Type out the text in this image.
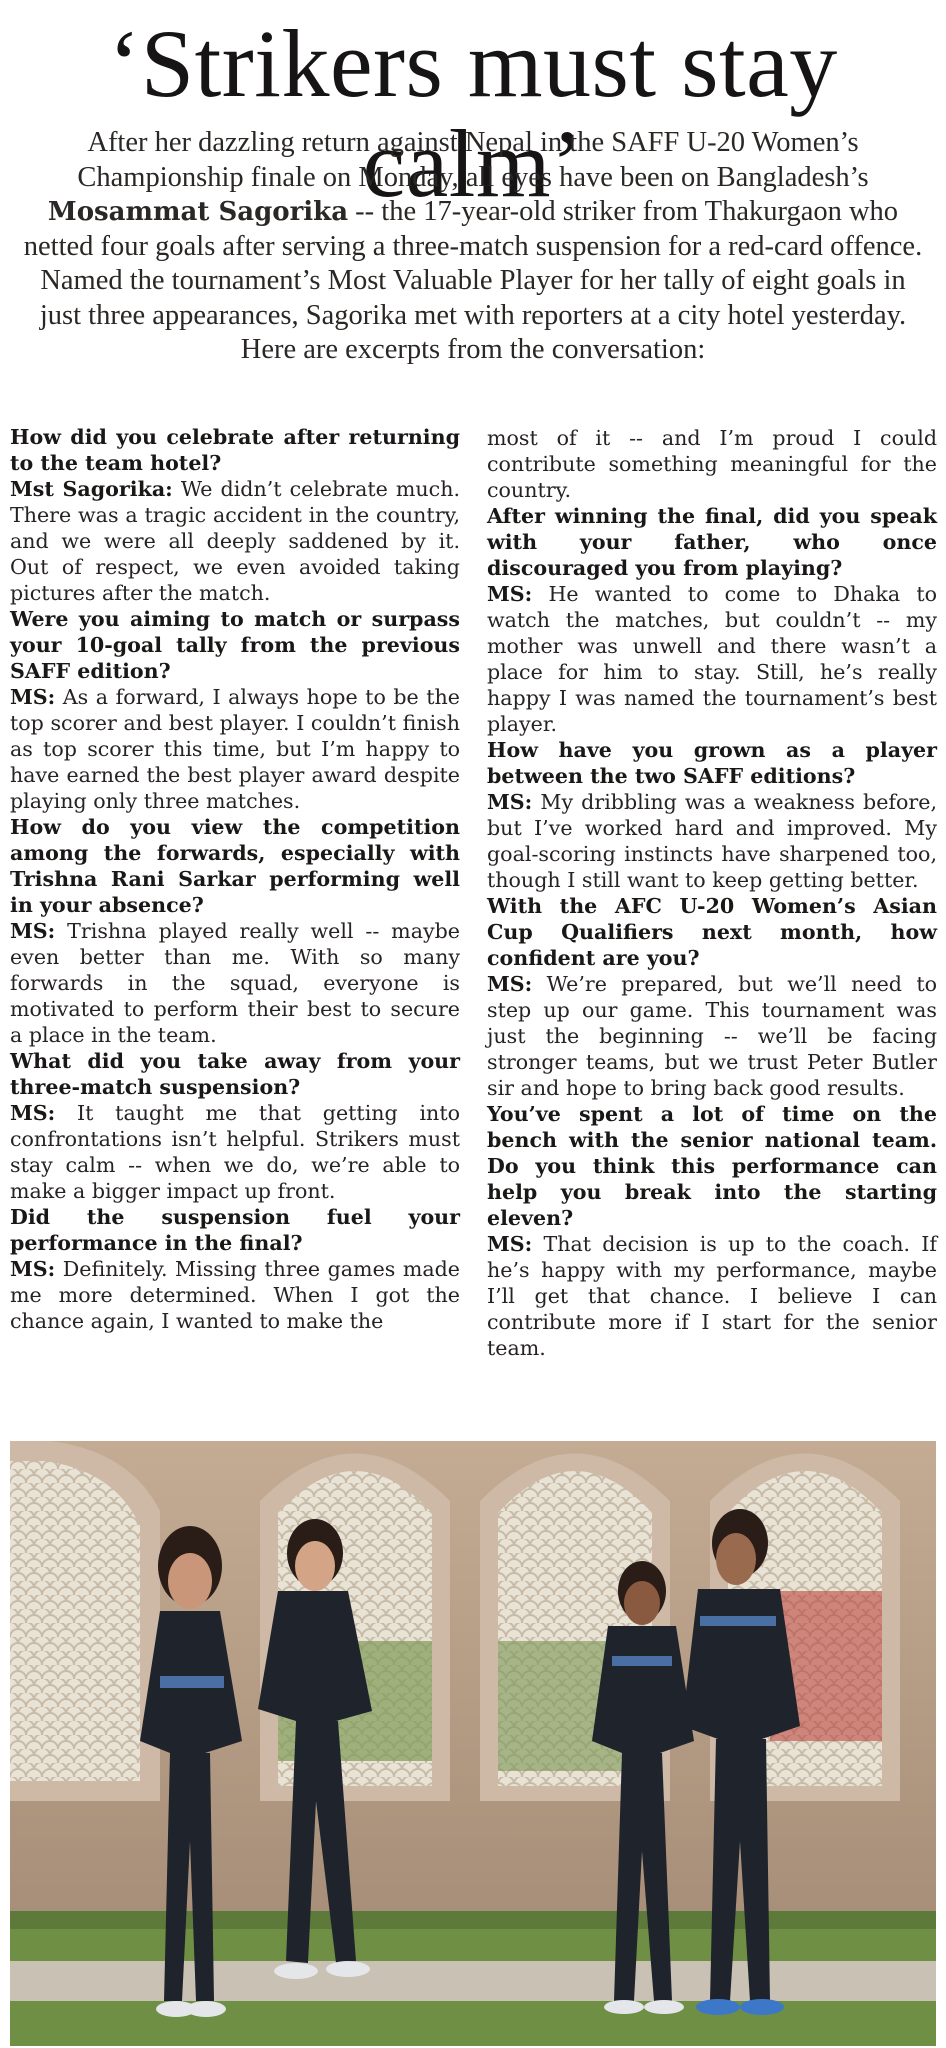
‘Strikers must stay calm’

After her dazzling return against Nepal in the SAFF U-20 Women’s Championship finale on Monday, all eyes have been on Bangladesh’s Mosammat Sagorika -- the 17-year-old striker from Thakurgaon who netted four goals after serving a three-match suspension for a red-card offence. Named the tournament’s Most Valuable Player for her tally of eight goals in just three appearances, Sagorika met with reporters at a city hotel yesterday. Here are excerpts from the conversation:

How did you celebrate after returning to the team hotel?

Mst Sagorika: We didn’t celebrate much. There was a tragic accident in the country, and we were all deeply saddened by it. Out of respect, we even avoided taking pictures after the match.

Were you aiming to match or surpass your 10-goal tally from the previous SAFF edition?

MS: As a forward, I always hope to be the top scorer and best player. I couldn’t finish as top scorer this time, but I’m happy to have earned the best player award despite playing only three matches.

How do you view the competition among the forwards, especially with Trishna Rani Sarkar performing well in your absence?

MS: Trishna played really well -- maybe even better than me. With so many forwards in the squad, everyone is motivated to perform their best to secure a place in the team.

What did you take away from your three-match suspension?

MS: It taught me that getting into confrontations isn’t helpful. Strikers must stay calm -- when we do, we’re able to make a bigger impact up front.

Did the suspension fuel your performance in the final?

MS: Definitely. Missing three games made me more determined. When I got the chance again, I wanted to make the

most of it -- and I’m proud I could contribute something meaningful for the country.

After winning the final, did you speak with your father, who once discouraged you from playing?

MS: He wanted to come to Dhaka to watch the matches, but couldn’t -- my mother was unwell and there wasn’t a place for him to stay. Still, he’s really happy I was named the tournament’s best player.

How have you grown as a player between the two SAFF editions?

MS: My dribbling was a weakness before, but I’ve worked hard and improved. My goal-scoring instincts have sharpened too, though I still want to keep getting better.

With the AFC U-20 Women’s Asian Cup Qualifiers next month, how confident are you?

MS: We’re prepared, but we’ll need to step up our game. This tournament was just the beginning -- we’ll be facing stronger teams, but we trust Peter Butler sir and hope to bring back good results.

You’ve spent a lot of time on the bench with the senior national team. Do you think this performance can help you break into the starting eleven?

MS: That decision is up to the coach. If he’s happy with my performance, maybe I’ll get that chance. I believe I can contribute more if I start for the senior team.
